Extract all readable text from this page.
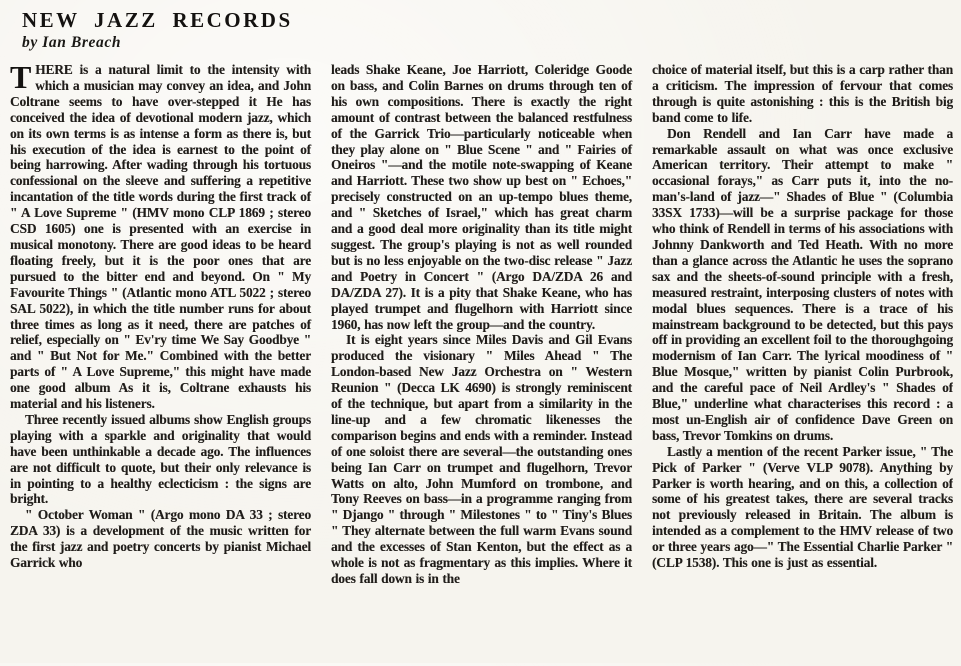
NEW JAZZ RECORDS
by Ian Breach

THERE is a natural limit to the intensity with which a musician may convey an idea, and John Coltrane seems to have over-stepped it He has conceived the idea of devotional modern jazz, which on its own terms is as intense a form as there is, but his execution of the idea is earnest to the point of being harrowing. After wading through his tortuous confessional on the sleeve and suffering a repetitive incantation of the title words during the first track of " A Love Supreme " (HMV mono CLP 1869 ; stereo CSD 1605) one is presented with an exercise in musical monotony. There are good ideas to be heard floating freely, but it is the poor ones that are pursued to the bitter end and beyond. On " My Favourite Things " (Atlantic mono ATL 5022 ; stereo SAL 5022), in which the title number runs for about three times as long as it need, there are patches of relief, especially on " Ev'ry time We Say Goodbye " and " But Not for Me." Combined with the better parts of " A Love Supreme," this might have made one good album As it is, Coltrane exhausts his material and his listeners.

Three recently issued albums show English groups playing with a sparkle and originality that would have been unthinkable a decade ago. The influences are not difficult to quote, but their only relevance is in pointing to a healthy eclecticism : the signs are bright.

" October Woman " (Argo mono DA 33 ; stereo ZDA 33) is a development of the music written for the first jazz and poetry concerts by pianist Michael Garrick who

leads Shake Keane, Joe Harriott, Coleridge Goode on bass, and Colin Barnes on drums through ten of his own compositions. There is exactly the right amount of contrast between the balanced restfulness of the Garrick Trio—particularly noticeable when they play alone on " Blue Scene " and " Fairies of Oneiros "—and the motile note-swapping of Keane and Harriott. These two show up best on " Echoes," precisely constructed on an up-tempo blues theme, and " Sketches of Israel," which has great charm and a good deal more originality than its title might suggest. The group's playing is not as well rounded but is no less enjoyable on the two-disc release " Jazz and Poetry in Concert " (Argo DA/ZDA 26 and DA/ZDA 27). It is a pity that Shake Keane, who has played trumpet and flugelhorn with Harriott since 1960, has now left the group—and the country.

It is eight years since Miles Davis and Gil Evans produced the visionary " Miles Ahead " The London-based New Jazz Orchestra on " Western Reunion " (Decca LK 4690) is strongly reminiscent of the technique, but apart from a similarity in the line-up and a few chromatic likenesses the comparison begins and ends with a reminder. Instead of one soloist there are several—the outstanding ones being Ian Carr on trumpet and flugelhorn, Trevor Watts on alto, John Mumford on trombone, and Tony Reeves on bass—in a programme ranging from " Django " through " Milestones " to " Tiny's Blues " They alternate between the full warm Evans sound and the excesses of Stan Kenton, but the effect as a whole is not as fragmentary as this implies. Where it does fall down is in the

choice of material itself, but this is a carp rather than a criticism. The impression of fervour that comes through is quite astonishing : this is the British big band come to life.

Don Rendell and Ian Carr have made a remarkable assault on what was once exclusive American territory. Their attempt to make " occasional forays," as Carr puts it, into the no-man's-land of jazz—" Shades of Blue " (Columbia 33SX 1733)—will be a surprise package for those who think of Rendell in terms of his associations with Johnny Dankworth and Ted Heath. With no more than a glance across the Atlantic he uses the soprano sax and the sheets-of-sound principle with a fresh, measured restraint, interposing clusters of notes with modal blues sequences. There is a trace of his mainstream background to be detected, but this pays off in providing an excellent foil to the thoroughgoing modernism of Ian Carr. The lyrical moodiness of " Blue Mosque," written by pianist Colin Purbrook, and the careful pace of Neil Ardley's " Shades of Blue," underline what characterises this record : a most un-English air of confidence Dave Green on bass, Trevor Tomkins on drums.

Lastly a mention of the recent Parker issue, " The Pick of Parker " (Verve VLP 9078). Anything by Parker is worth hearing, and on this, a collection of some of his greatest takes, there are several tracks not previously released in Britain. The album is intended as a complement to the HMV release of two or three years ago—" The Essential Charlie Parker " (CLP 1538). This one is just as essential.
